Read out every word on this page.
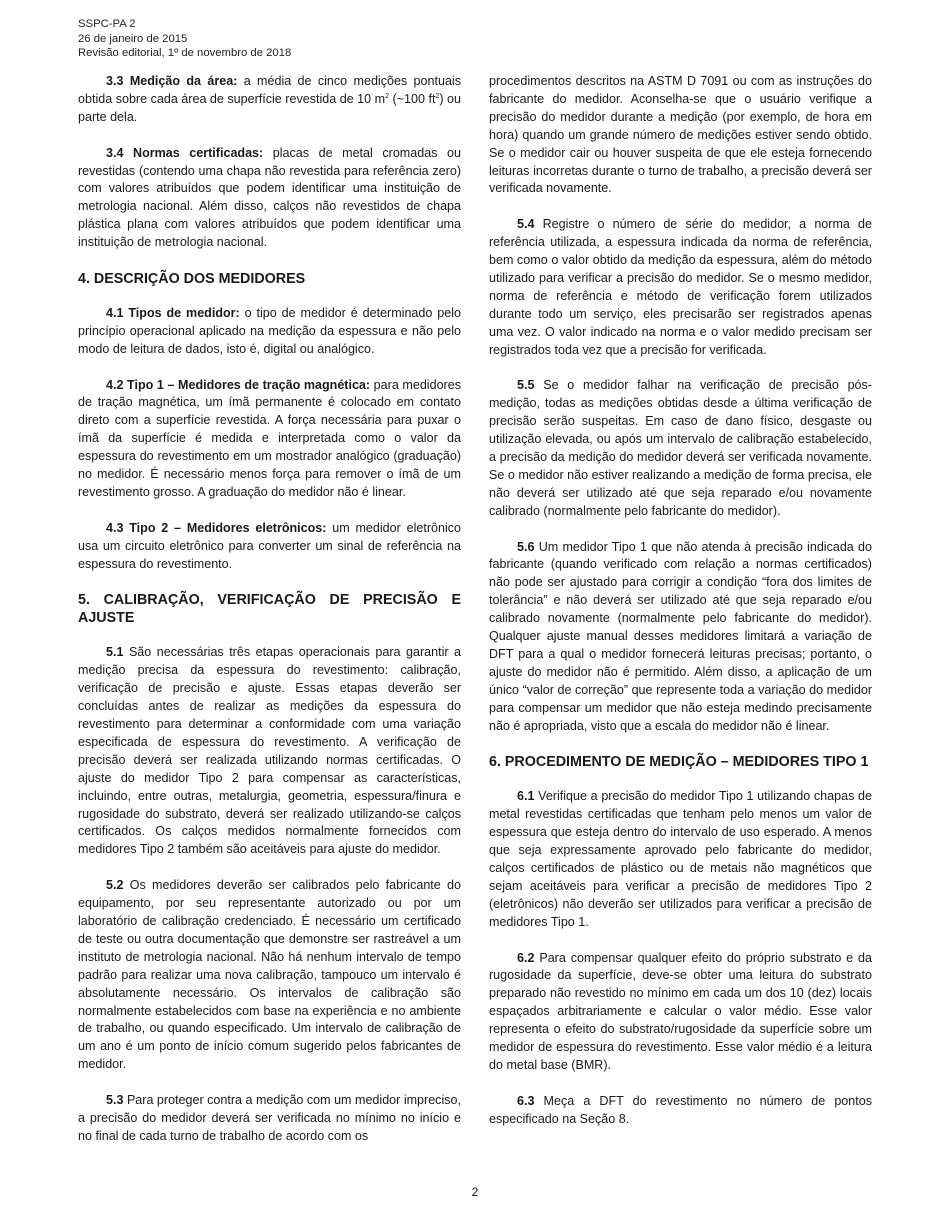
SSPC-PA 2
26 de janeiro de 2015
Revisão editorial, 1º de novembro de 2018

3.3 Medição da área: a média de cinco medições pontuais obtida sobre cada área de superfície revestida de 10 $m^2$ (~100 $ft^2$) ou parte dela.

3.4 Normas certificadas: placas de metal cromadas ou revestidas (contendo uma chapa não revestida para referência zero) com valores atribuídos que podem identificar uma instituição de metrologia nacional. Além disso, calços não revestidos de chapa plástica plana com valores atribuídos que podem identificar uma instituição de metrologia nacional.

4. DESCRIÇÃO DOS MEDIDORES

4.1 Tipos de medidor: o tipo de medidor é determinado pelo princípio operacional aplicado na medição da espessura e não pelo modo de leitura de dados, isto é, digital ou analógico.

4.2 Tipo 1 – Medidores de tração magnética: para medidores de tração magnética, um ímã permanente é colocado em contato direto com a superfície revestida. A força necessária para puxar o ímã da superfície é medida e interpretada como o valor da espessura do revestimento em um mostrador analógico (graduação) no medidor. É necessário menos força para remover o ímã de um revestimento grosso. A graduação do medidor não é linear.

4.3 Tipo 2 – Medidores eletrônicos: um medidor eletrônico usa um circuito eletrônico para converter um sinal de referência na espessura do revestimento.

5. CALIBRAÇÃO, VERIFICAÇÃO DE PRECISÃO E AJUSTE

5.1 São necessárias três etapas operacionais para garantir a medição precisa da espessura do revestimento: calibração, verificação de precisão e ajuste. Essas etapas deverão ser concluídas antes de realizar as medições da espessura do revestimento para determinar a conformidade com uma variação especificada de espessura do revestimento. A verificação de precisão deverá ser realizada utilizando normas certificadas. O ajuste do medidor Tipo 2 para compensar as características, incluindo, entre outras, metalurgia, geometria, espessura/finura e rugosidade do substrato, deverá ser realizado utilizando-se calços certificados. Os calços medidos normalmente fornecidos com medidores Tipo 2 também são aceitáveis para ajuste do medidor.

5.2 Os medidores deverão ser calibrados pelo fabricante do equipamento, por seu representante autorizado ou por um laboratório de calibração credenciado. É necessário um certificado de teste ou outra documentação que demonstre ser rastreável a um instituto de metrologia nacional. Não há nenhum intervalo de tempo padrão para realizar uma nova calibração, tampouco um intervalo é absolutamente necessário. Os intervalos de calibração são normalmente estabelecidos com base na experiência e no ambiente de trabalho, ou quando especificado. Um intervalo de calibração de um ano é um ponto de início comum sugerido pelos fabricantes de medidor.

5.3 Para proteger contra a medição com um medidor impreciso, a precisão do medidor deverá ser verificada no mínimo no início e no final de cada turno de trabalho de acordo com os

procedimentos descritos na ASTM D 7091 ou com as instruções do fabricante do medidor. Aconselha-se que o usuário verifique a precisão do medidor durante a medição (por exemplo, de hora em hora) quando um grande número de medições estiver sendo obtido. Se o medidor cair ou houver suspeita de que ele esteja fornecendo leituras incorretas durante o turno de trabalho, a precisão deverá ser verificada novamente.

5.4 Registre o número de série do medidor, a norma de referência utilizada, a espessura indicada da norma de referência, bem como o valor obtido da medição da espessura, além do método utilizado para verificar a precisão do medidor. Se o mesmo medidor, norma de referência e método de verificação forem utilizados durante todo um serviço, eles precisarão ser registrados apenas uma vez. O valor indicado na norma e o valor medido precisam ser registrados toda vez que a precisão for verificada.

5.5 Se o medidor falhar na verificação de precisão pós-medição, todas as medições obtidas desde a última verificação de precisão serão suspeitas. Em caso de dano físico, desgaste ou utilização elevada, ou após um intervalo de calibração estabelecido, a precisão da medição do medidor deverá ser verificada novamente. Se o medidor não estiver realizando a medição de forma precisa, ele não deverá ser utilizado até que seja reparado e/ou novamente calibrado (normalmente pelo fabricante do medidor).

5.6 Um medidor Tipo 1 que não atenda à precisão indicada do fabricante (quando verificado com relação a normas certificados) não pode ser ajustado para corrigir a condição “fora dos limites de tolerância” e não deverá ser utilizado até que seja reparado e/ou calibrado novamente (normalmente pelo fabricante do medidor). Qualquer ajuste manual desses medidores limitará a variação de DFT para a qual o medidor fornecerá leituras precisas; portanto, o ajuste do medidor não é permitido. Além disso, a aplicação de um único “valor de correção” que represente toda a variação do medidor para compensar um medidor que não esteja medindo precisamente não é apropriada, visto que a escala do medidor não é linear.

6. PROCEDIMENTO DE MEDIÇÃO – MEDIDORES TIPO 1

6.1 Verifique a precisão do medidor Tipo 1 utilizando chapas de metal revestidas certificadas que tenham pelo menos um valor de espessura que esteja dentro do intervalo de uso esperado. A menos que seja expressamente aprovado pelo fabricante do medidor, calços certificados de plástico ou de metais não magnéticos que sejam aceitáveis para verificar a precisão de medidores Tipo 2 (eletrônicos) não deverão ser utilizados para verificar a precisão de medidores Tipo 1.

6.2 Para compensar qualquer efeito do próprio substrato e da rugosidade da superfície, deve-se obter uma leitura do substrato preparado não revestido no mínimo em cada um dos 10 (dez) locais espaçados arbitrariamente e calcular o valor médio. Esse valor representa o efeito do substrato/rugosidade da superfície sobre um medidor de espessura do revestimento. Esse valor médio é a leitura do metal base (BMR).

6.3 Meça a DFT do revestimento no número de pontos especificado na Seção 8.

2
